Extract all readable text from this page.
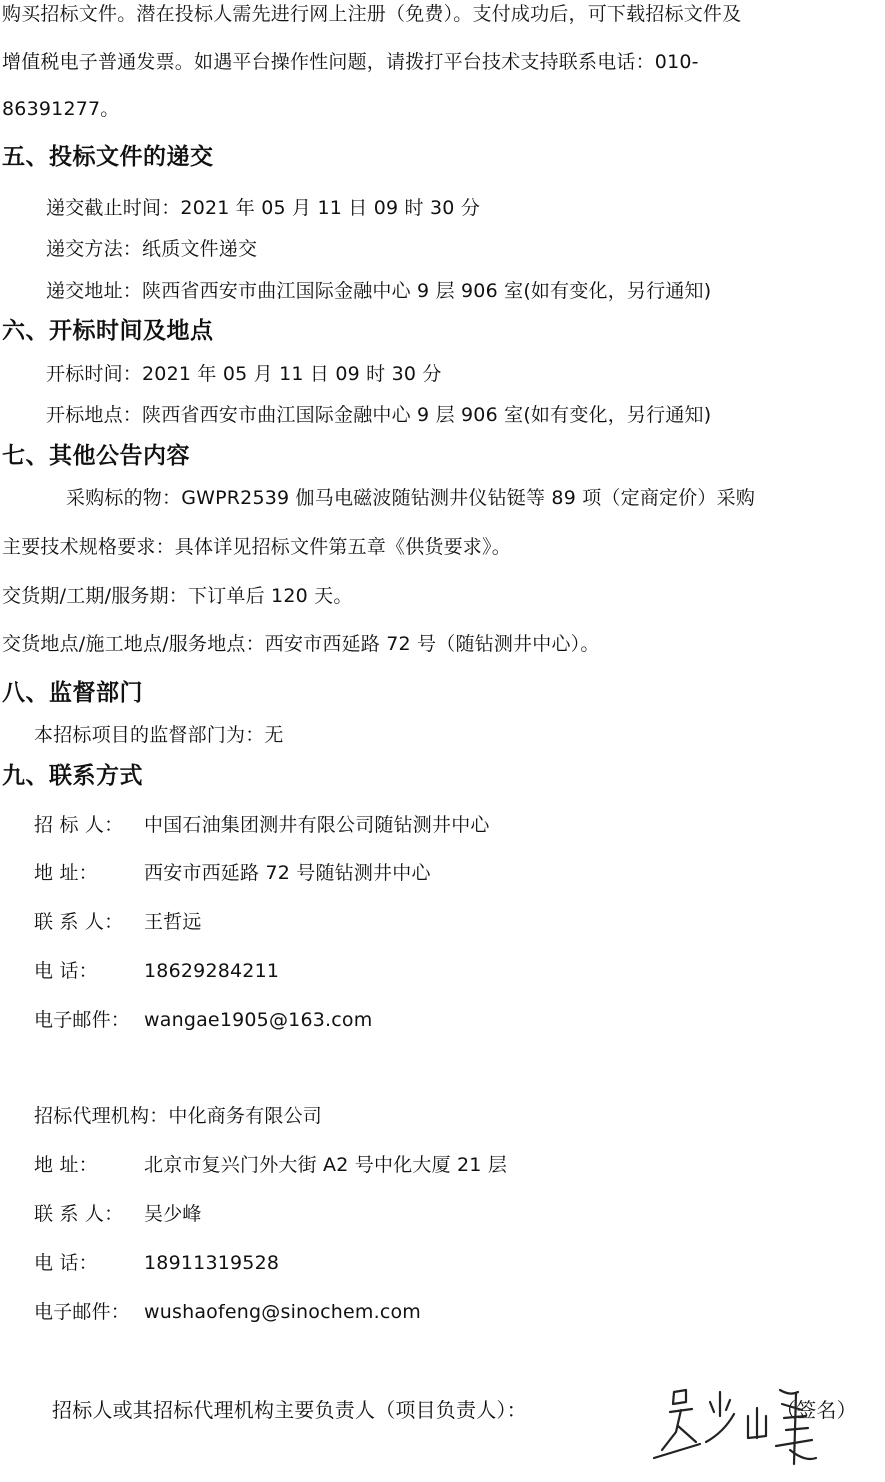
购买招标文件。潜在投标人需先进行网上注册（免费）。支付成功后，可下载招标文件及
增值税电子普通发票。如遇平台操作性问题，请拨打平台技术支持联系电话：010-
86391277。
五、投标文件的递交
递交截止时间：2021 年 05 月 11 日 09 时 30 分
递交方法：纸质文件递交
递交地址：陕西省西安市曲江国际金融中心 9 层 906 室(如有变化，另行通知)
六、开标时间及地点
开标时间：2021 年 05 月 11 日 09 时 30 分
开标地点：陕西省西安市曲江国际金融中心 9 层 906 室(如有变化，另行通知)
七、其他公告内容
采购标的物：GWPR2539 伽马电磁波随钻测井仪钻铤等 89 项（定商定价）采购
主要技术规格要求：具体详见招标文件第五章《供货要求》。
交货期/工期/服务期：下订单后 120 天。
交货地点/施工地点/服务地点：西安市西延路 72 号（随钻测井中心）。
八、监督部门
本招标项目的监督部门为：无
九、联系方式
招 标 人： 中国石油集团测井有限公司随钻测井中心
地 址： 西安市西延路 72 号随钻测井中心
联 系 人： 王哲远
电 话： 18629284211
电子邮件： wangae1905@163.com
招标代理机构：中化商务有限公司
地 址： 北京市复兴门外大街 A2 号中化大厦 21 层
联 系 人： 吴少峰
电 话： 18911319528
电子邮件： wushaofeng@sinochem.com
招标人或其招标代理机构主要负责人（项目负责人）：	（签名）
